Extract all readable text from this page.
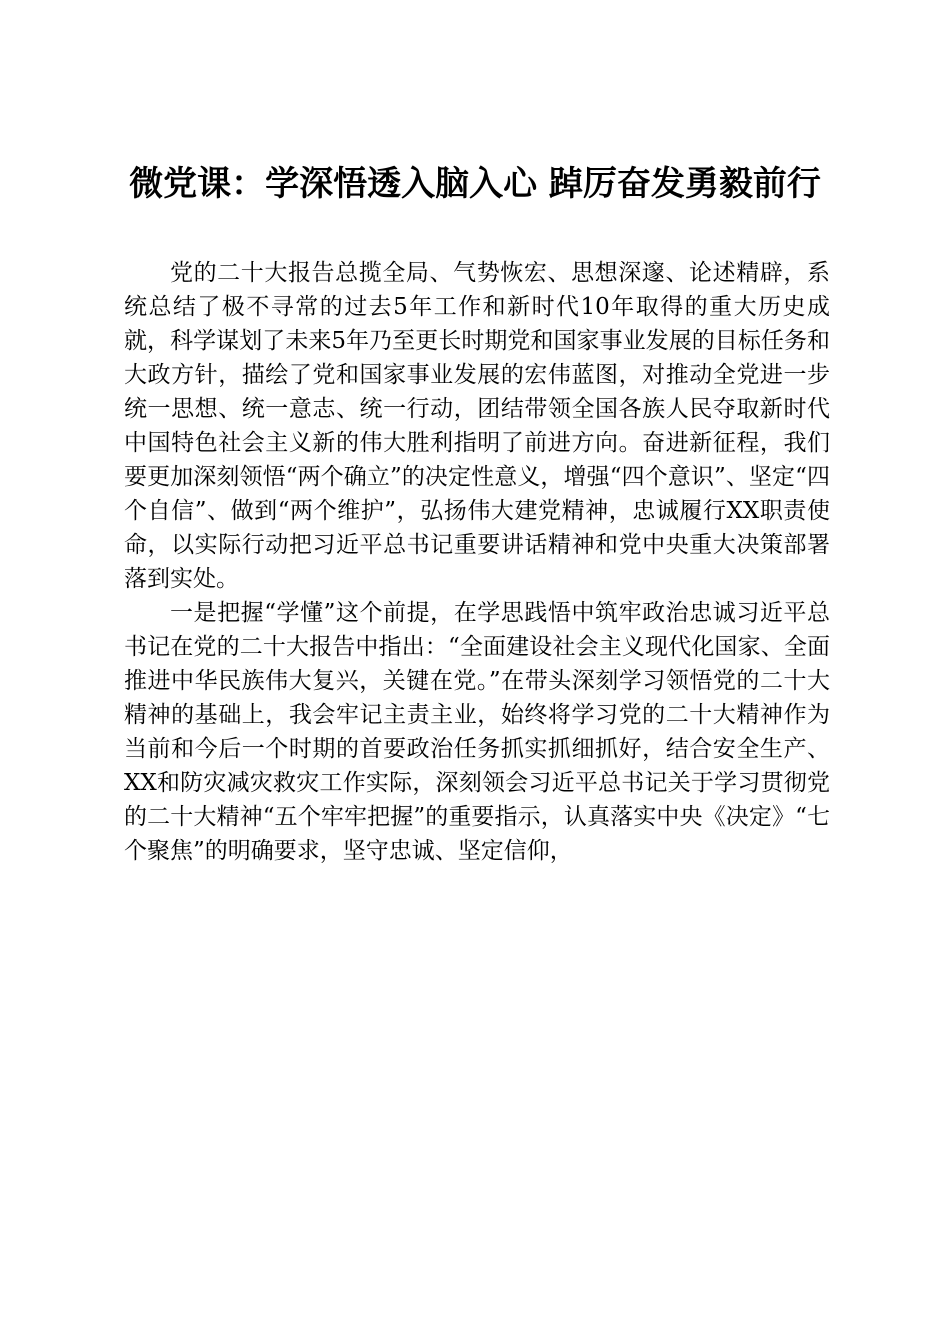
微党课：学深悟透入脑入心 踔厉奋发勇毅前行

党的二十大报告总揽全局、气势恢宏、思想深邃、论述精辟，系统总结了极不寻常的过去5年工作和新时代10年取得的重大历史成就，科学谋划了未来5年乃至更长时期党和国家事业发展的目标任务和大政方针，描绘了党和国家事业发展的宏伟蓝图，对推动全党进一步统一思想、统一意志、统一行动，团结带领全国各族人民夺取新时代中国特色社会主义新的伟大胜利指明了前进方向。奋进新征程，我们要更加深刻领悟“两个确立”的决定性意义，增强“四个意识”、坚定“四个自信”、做到“两个维护”，弘扬伟大建党精神，忠诚履行XX职责使命，以实际行动把习近平总书记重要讲话精神和党中央重大决策部署落到实处。

一是把握“学懂”这个前提，在学思践悟中筑牢政治忠诚习近平总书记在党的二十大报告中指出：“全面建设社会主义现代化国家、全面推进中华民族伟大复兴，关键在党。”在带头深刻学习领悟党的二十大精神的基础上，我会牢记主责主业，始终将学习党的二十大精神作为当前和今后一个时期的首要政治任务抓实抓细抓好，结合安全生产、XX和防灾减灾救灾工作实际，深刻领会习近平总书记关于学习贯彻党的二十大精神“五个牢牢把握”的重要指示，认真落实中央《决定》“七个聚焦”的明确要求，坚守忠诚、坚定信仰，
